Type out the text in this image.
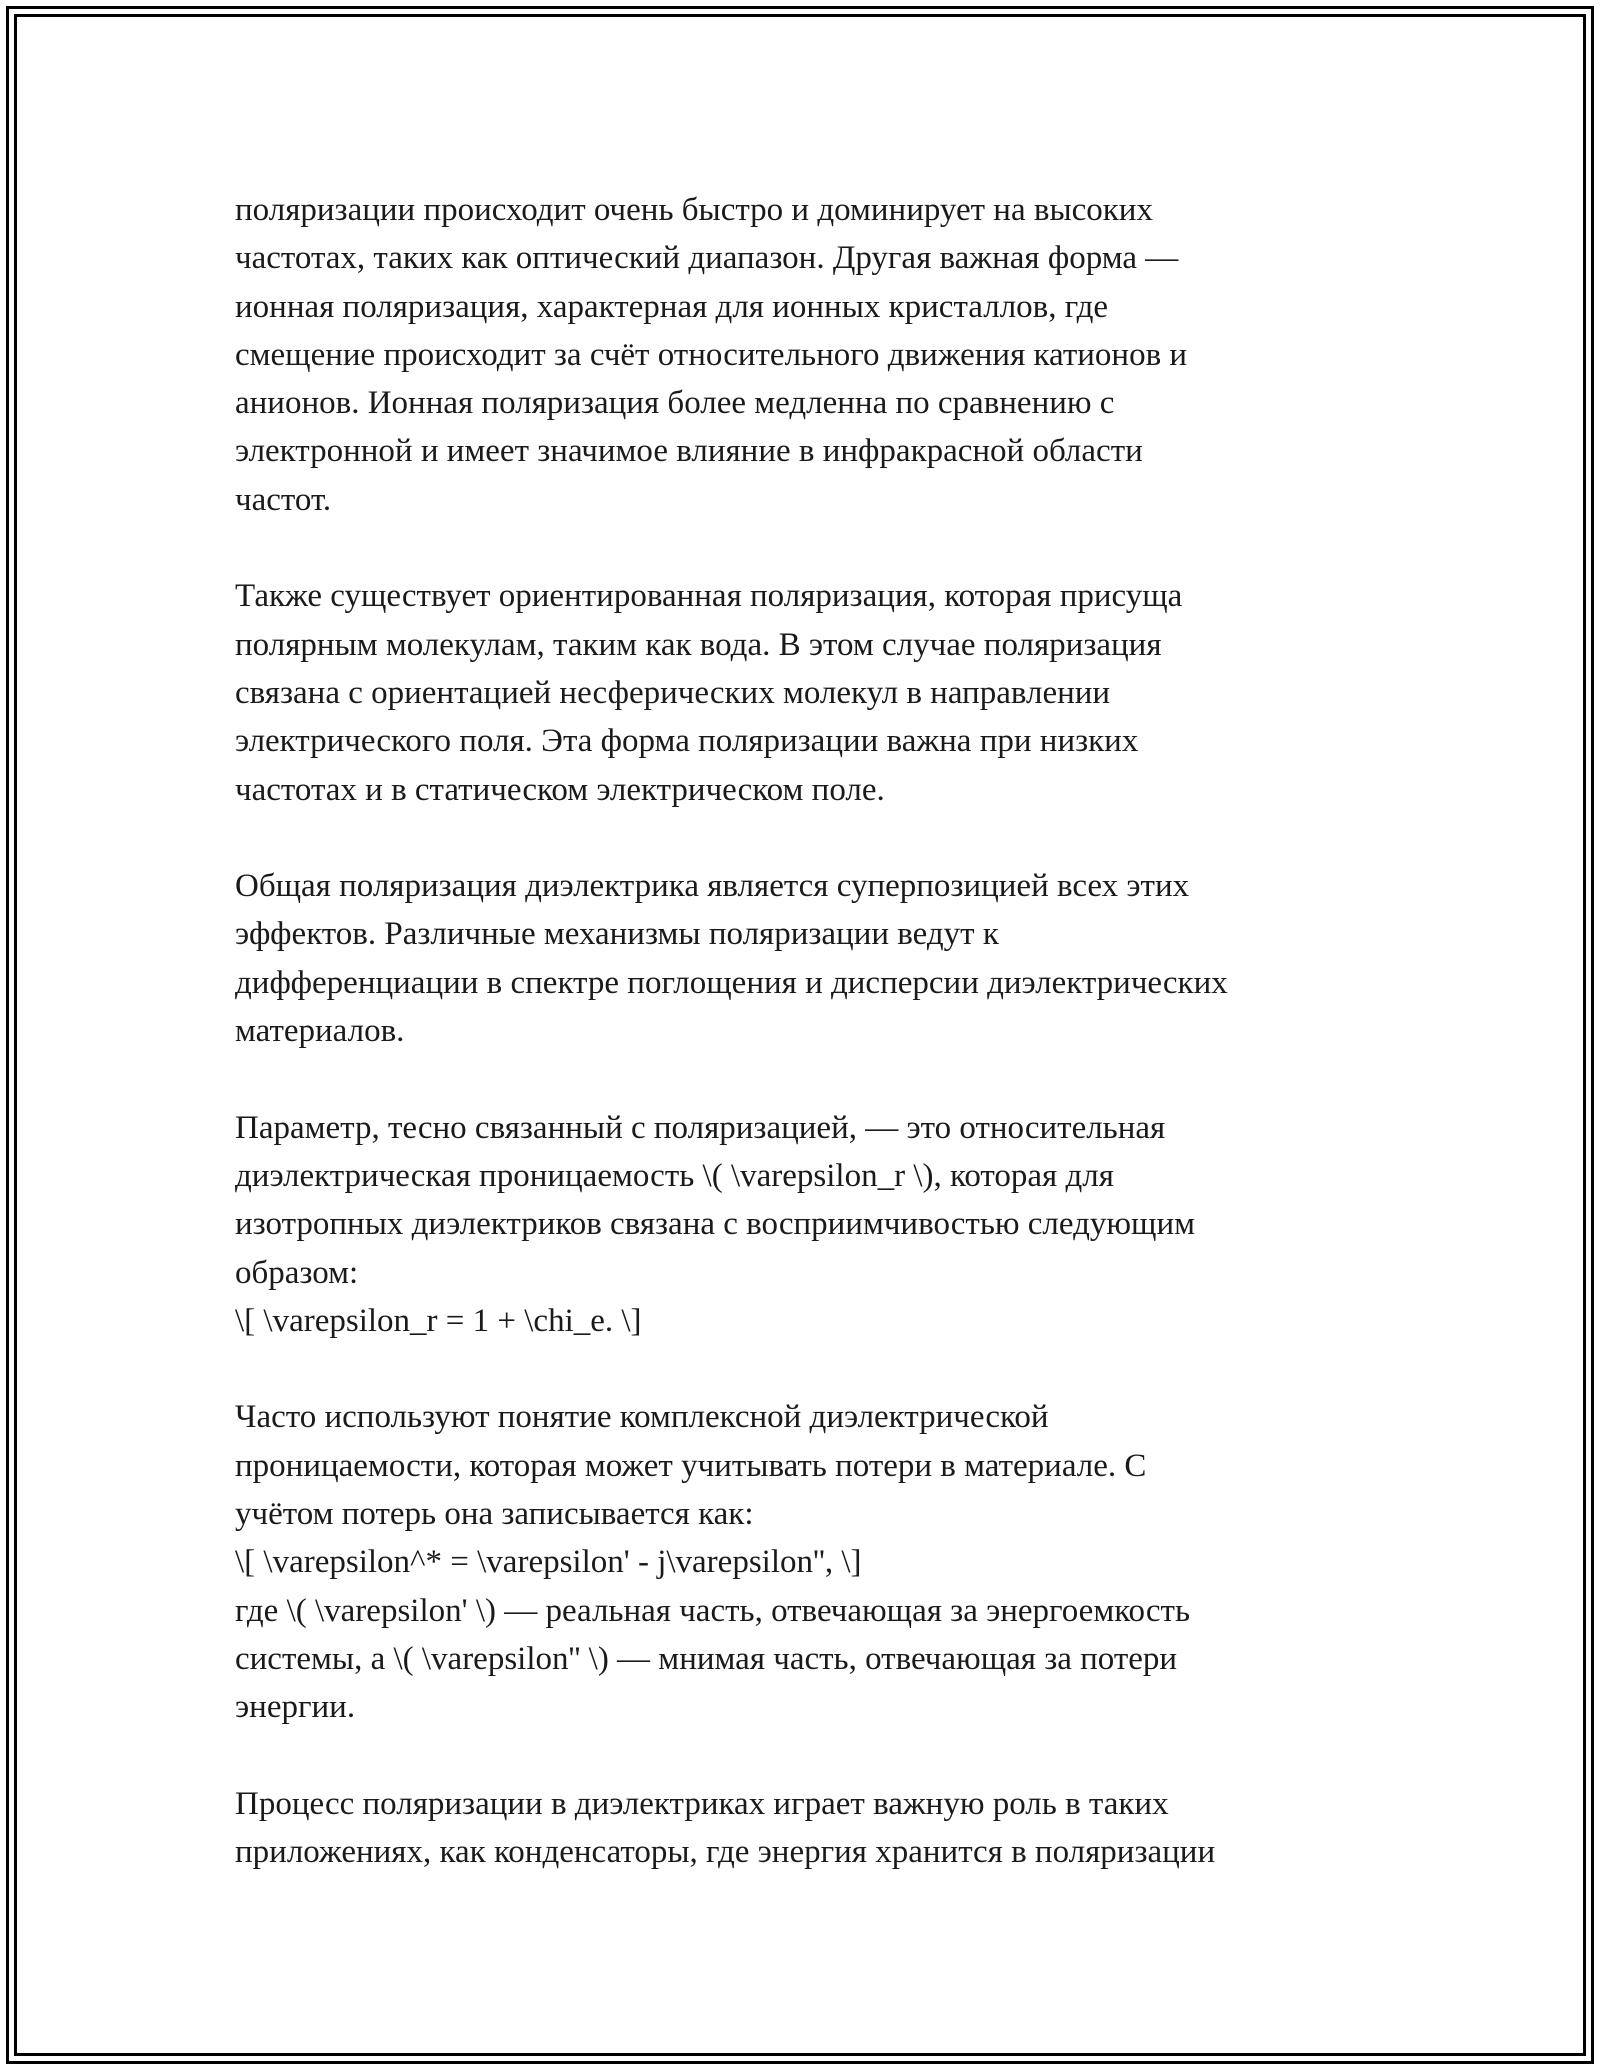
поляризации происходит очень быстро и доминирует на высоких
частотах, таких как оптический диапазон. Другая важная форма —
ионная поляризация, характерная для ионных кристаллов, где
смещение происходит за счёт относительного движения катионов и
анионов. Ионная поляризация более медленна по сравнению с
электронной и имеет значимое влияние в инфракрасной области
частот.

Также существует ориентированная поляризация, которая присуща
полярным молекулам, таким как вода. В этом случае поляризация
связана с ориентацией несферических молекул в направлении
электрического поля. Эта форма поляризации важна при низких
частотах и в статическом электрическом поле.

Общая поляризация диэлектрика является суперпозицией всех этих
эффектов. Различные механизмы поляризации ведут к
дифференциации в спектре поглощения и дисперсии диэлектрических
материалов.

Параметр, тесно связанный с поляризацией, — это относительная
диэлектрическая проницаемость \( \varepsilon_r \), которая для
изотропных диэлектриков связана с восприимчивостью следующим
образом:
\[ \varepsilon_r = 1 + \chi_e. \]

Часто используют понятие комплексной диэлектрической
проницаемости, которая может учитывать потери в материале. С
учётом потерь она записывается как:
\[ \varepsilon^* = \varepsilon' - j\varepsilon'', \]
где \( \varepsilon' \) — реальная часть, отвечающая за энергоемкость
системы, а \( \varepsilon'' \) — мнимая часть, отвечающая за потери
энергии.

Процесс поляризации в диэлектриках играет важную роль в таких
приложениях, как конденсаторы, где энергия хранится в поляризации
